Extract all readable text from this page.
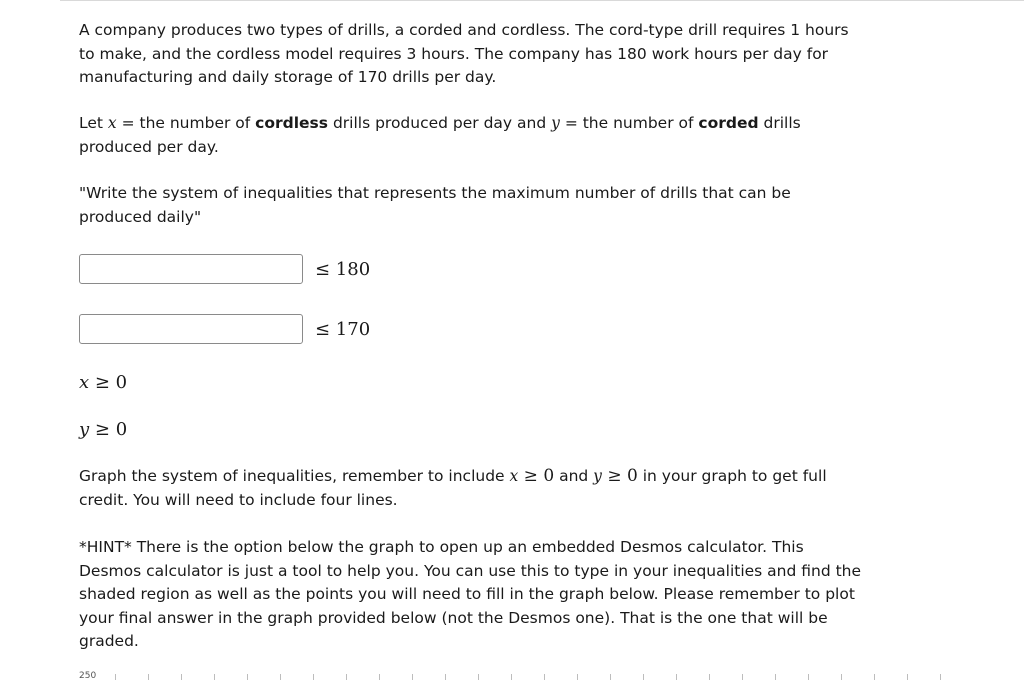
A company produces two types of drills, a corded and cordless. The cord-type drill requires 1 hours
to make, and the cordless model requires 3 hours. The company has 180 work hours per day for
manufacturing and daily storage of 170 drills per day.
Let x = the number of cordless drills produced per day and y = the number of corded drills
produced per day.
"Write the system of inequalities that represents the maximum number of drills that can be
produced daily"
≤ 180
≤ 170
x ≥ 0
y ≥ 0
Graph the system of inequalities, remember to include x ≥ 0 and y ≥ 0 in your graph to get full
credit. You will need to include four lines.
*HINT* There is the option below the graph to open up an embedded Desmos calculator. This
Desmos calculator is just a tool to help you. You can use this to type in your inequalities and find the
shaded region as well as the points you will need to fill in the graph below. Please remember to plot
your final answer in the graph provided below (not the Desmos one). That is the one that will be
graded.
250
